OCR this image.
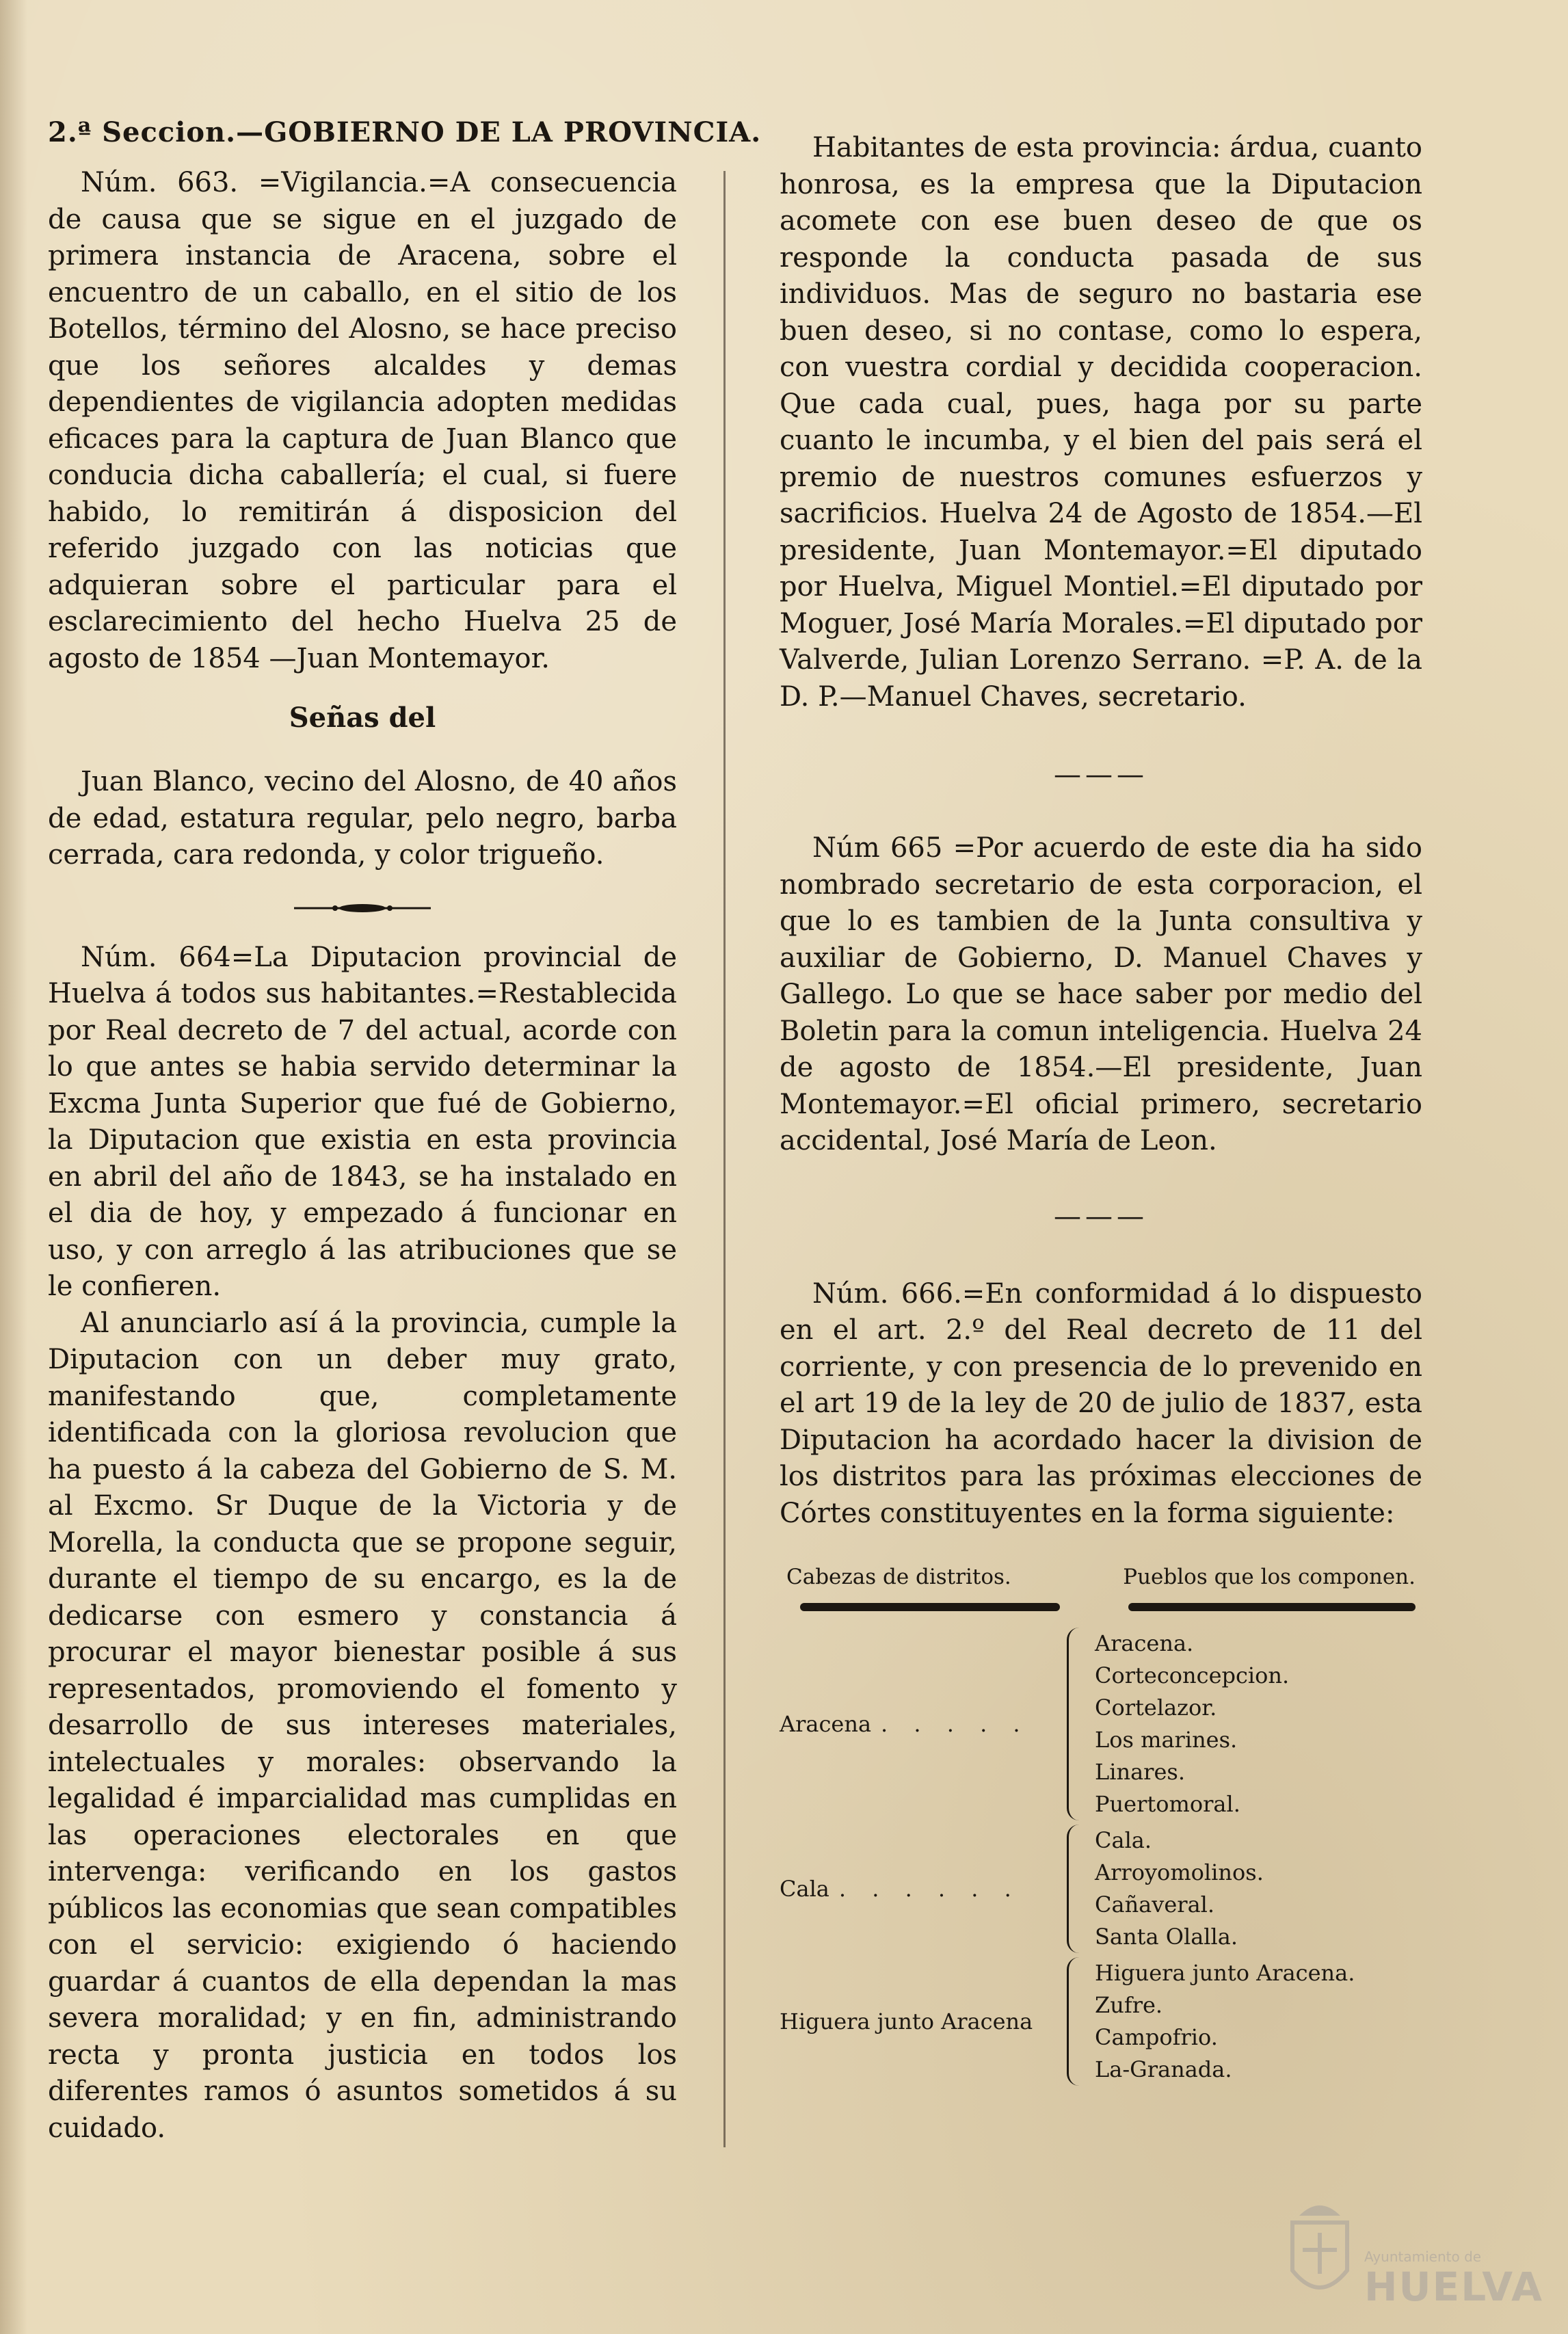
2.ª Seccion.—GOBIERNO DE LA PROVINCIA.

Núm. 663. =Vigilancia.=A consecuencia de causa que se sigue en el juzgado de primera instancia de Aracena, sobre el encuentro de un caballo, en el sitio de los Botellos, término del Alosno, se hace preciso que los señores alcaldes y demas dependientes de vigilancia adopten medidas eficaces para la captura de Juan Blanco que conducia dicha caballería; el cual, si fuere habido, lo remitirán á disposicion del referido juzgado con las noticias que adquieran sobre el particular para el esclarecimiento del hecho Huelva 25 de agosto de 1854 —Juan Montemayor.

Señas del

Juan Blanco, vecino del Alosno, de 40 años de edad, estatura regular, pelo negro, barba cerrada, cara redonda, y color trigueño.

Núm. 664=La Diputacion provincial de Huelva á todos sus habitantes.=Restablecida por Real decreto de 7 del actual, acorde con lo que antes se habia servido determinar la Excma Junta Superior que fué de Gobierno, la Diputacion que existia en esta provincia en abril del año de 1843, se ha instalado en el dia de hoy, y empezado á funcionar en uso, y con arreglo á las atribuciones que se le confieren.

Al anunciarlo así á la provincia, cumple la Diputacion con un deber muy grato, manifestando que, completamente identificada con la gloriosa revolucion que ha puesto á la cabeza del Gobierno de S. M. al Excmo. Sr Duque de la Victoria y de Morella, la conducta que se propone seguir, durante el tiempo de su encargo, es la de dedicarse con esmero y constancia á procurar el mayor bienestar posible á sus representados, promoviendo el fomento y desarrollo de sus intereses materiales, intelectuales y morales: observando la legalidad é imparcialidad mas cumplidas en las operaciones electorales en que intervenga: verificando en los gastos públicos las economias que sean compatibles con el servicio: exigiendo ó haciendo guardar á cuantos de ella dependan la mas severa moralidad; y en fin, administrando recta y pronta justicia en todos los diferentes ramos ó asuntos sometidos á su cuidado.

Habitantes de esta provincia: árdua, cuanto honrosa, es la empresa que la Diputacion acomete con ese buen deseo de que os responde la conducta pasada de sus individuos. Mas de seguro no bastaria ese buen deseo, si no contase, como lo espera, con vuestra cordial y decidida cooperacion. Que cada cual, pues, haga por su parte cuanto le incumba, y el bien del pais será el premio de nuestros comunes esfuerzos y sacrificios. Huelva 24 de Agosto de 1854.—El presidente, Juan Montemayor.=El diputado por Huelva, Miguel Montiel.=El diputado por Moguer, José María Morales.=El diputado por Valverde, Julian Lorenzo Serrano. =P. A. de la D. P.—Manuel Chaves, secretario.

———

Núm 665 =Por acuerdo de este dia ha sido nombrado secretario de esta corporacion, el que lo es tambien de la Junta consultiva y auxiliar de Gobierno, D. Manuel Chaves y Gallego. Lo que se hace saber por medio del Boletin para la comun inteligencia. Huelva 24 de agosto de 1854.—El presidente, Juan Montemayor.=El oficial primero, secretario accidental, José María de Leon.

———

Núm. 666.=En conformidad á lo dispuesto en el art. 2.º del Real decreto de 11 del corriente, y con presencia de lo prevenido en el art 19 de la ley de 20 de julio de 1837, esta Diputacion ha acordado hacer la division de los distritos para las próximas elecciones de Córtes constituyentes en la forma siguiente:

Cabezas de distritos.	Pueblos que los componen.
Aracena . . . . .
Aracena.
Corteconcepcion.
Cortelazor.
Los marines.
Linares.
Puertomoral.
Cala . . . . . .
Cala.
Arroyomolinos.
Cañaveral.
Santa Olalla.
Higuera junto Aracena
Higuera junto Aracena.
Zufre.
Campofrio.
La-Granada.
Ayuntamiento de
HUELVA
